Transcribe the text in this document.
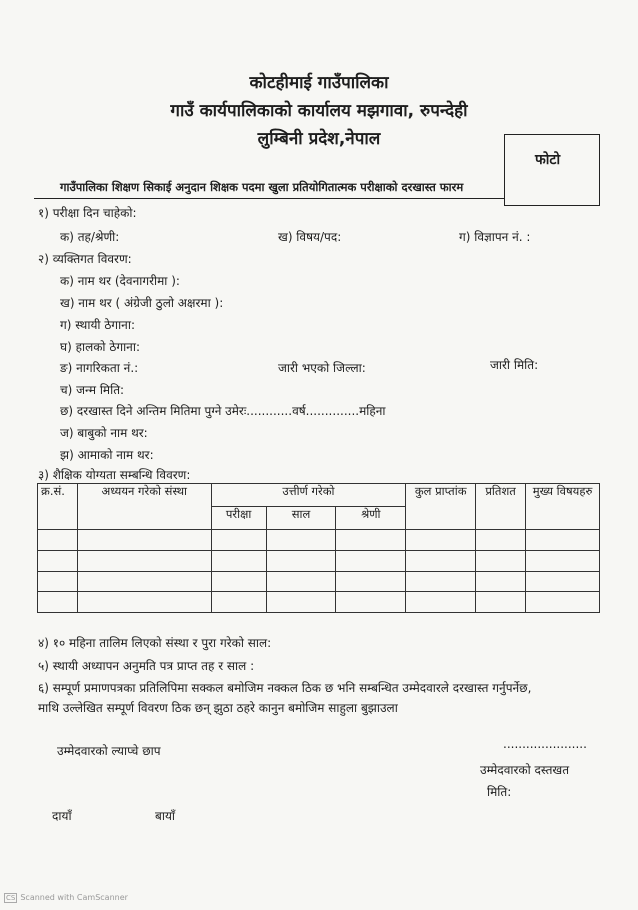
कोटहीमाई गाउँपालिका
गाउँ कार्यपालिकाको कार्यालय मझगावा, रुपन्देही
लुम्बिनी प्रदेश,नेपाल
फोटो
गाउँपालिका शिक्षण सिकाई अनुदान शिक्षक पदमा खुला प्रतियोगितात्मक परीक्षाको दरखास्त फारम
१) परीक्षा दिन चाहेको:
क) तह/श्रेणी:	ख) विषय/पद:	ग) विज्ञापन नं. :
२) व्यक्तिगत विवरण:
क) नाम थर (देवनागरीमा ):
ख) नाम थर ( अंग्रेजी ठुलो अक्षरमा ):
ग) स्थायी ठेगाना:
घ) हालको ठेगाना:
ङ) नागरिकता नं.:	जारी भएको जिल्ला:	जारी मिति:
च) जन्म मिति:
छ) दरखास्त दिने अन्तिम मितिमा पुग्ने उमेरः............वर्ष..............महिना
ज) बाबुको नाम थर:
झ) आमाको नाम थर:
३) शैक्षिक योग्यता सम्बन्धि विवरण:
क्र.सं.	अध्ययन गरेको संस्था	उत्तीर्ण गरेको			कुल प्राप्तांक	प्रतिशत	मुख्य विषयहरु
		परीक्षा	साल	श्रेणी			

४) १० महिना तालिम लिएको संस्था र पुरा गरेको साल:
५) स्थायी अध्यापन अनुमति पत्र प्राप्त तह र साल :
६) सम्पूर्ण प्रमाणपत्रका प्रतिलिपिमा सक्कल बमोजिम नक्कल ठिक छ भनि सम्बन्धित उम्मेदवारले दरखास्त गर्नुपर्नेछ,
माथि उल्लेखित सम्पूर्ण विवरण ठिक छन् झुठा ठहरे कानुन बमोजिम साहुला बुझाउला
उम्मेदवारको ल्याप्चे छाप	......................
उम्मेदवारको दस्तखत
मिति:
दायाँ	बायाँ
CS Scanned with CamScanner
